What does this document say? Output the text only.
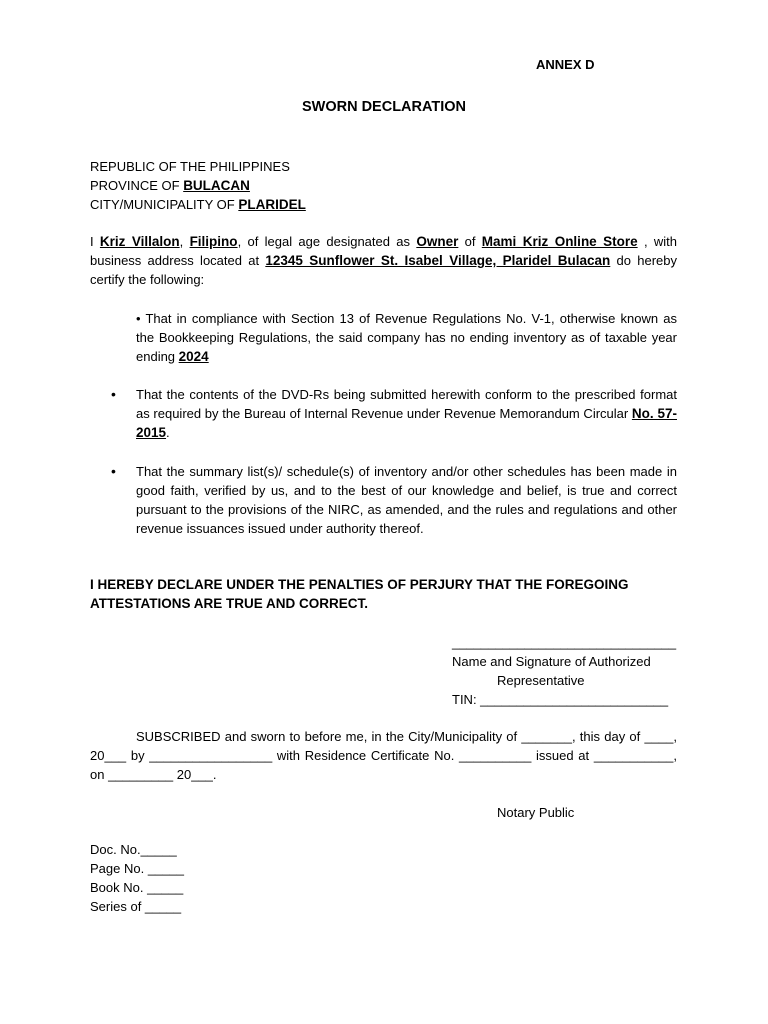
ANNEX D
SWORN DECLARATION
REPUBLIC OF THE PHILIPPINES
PROVINCE OF BULACAN
CITY/MUNICIPALITY OF PLARIDEL
I Kriz Villalon, Filipino, of legal age designated as Owner of Mami Kriz Online Store , with business address located at 12345 Sunflower St. Isabel Village, Plaridel Bulacan do hereby certify the following:
• That in compliance with Section 13 of Revenue Regulations No. V-1, otherwise known as the Bookkeeping Regulations, the said company has no ending inventory as of taxable year ending 2024
• That the contents of the DVD-Rs being submitted herewith conform to the prescribed format as required by the Bureau of Internal Revenue under Revenue Memorandum Circular No. 57-2015.
• That the summary list(s)/ schedule(s) of inventory and/or other schedules has been made in good faith, verified by us, and to the best of our knowledge and belief, is true and correct pursuant to the provisions of the NIRC, as amended, and the rules and regulations and other revenue issuances issued under authority thereof.
I HEREBY DECLARE UNDER THE PENALTIES OF PERJURY THAT THE FOREGOING ATTESTATIONS ARE TRUE AND CORRECT.
_______________________________
Name and Signature of Authorized
Representative
TIN: __________________________
SUBSCRIBED and sworn to before me, in the City/Municipality of _______, this day of ____, 20___ by _________________ with Residence Certificate No. __________ issued at ___________, on _________ 20___.
Notary Public
Doc. No._____
Page No. _____
Book No. _____
Series of _____
